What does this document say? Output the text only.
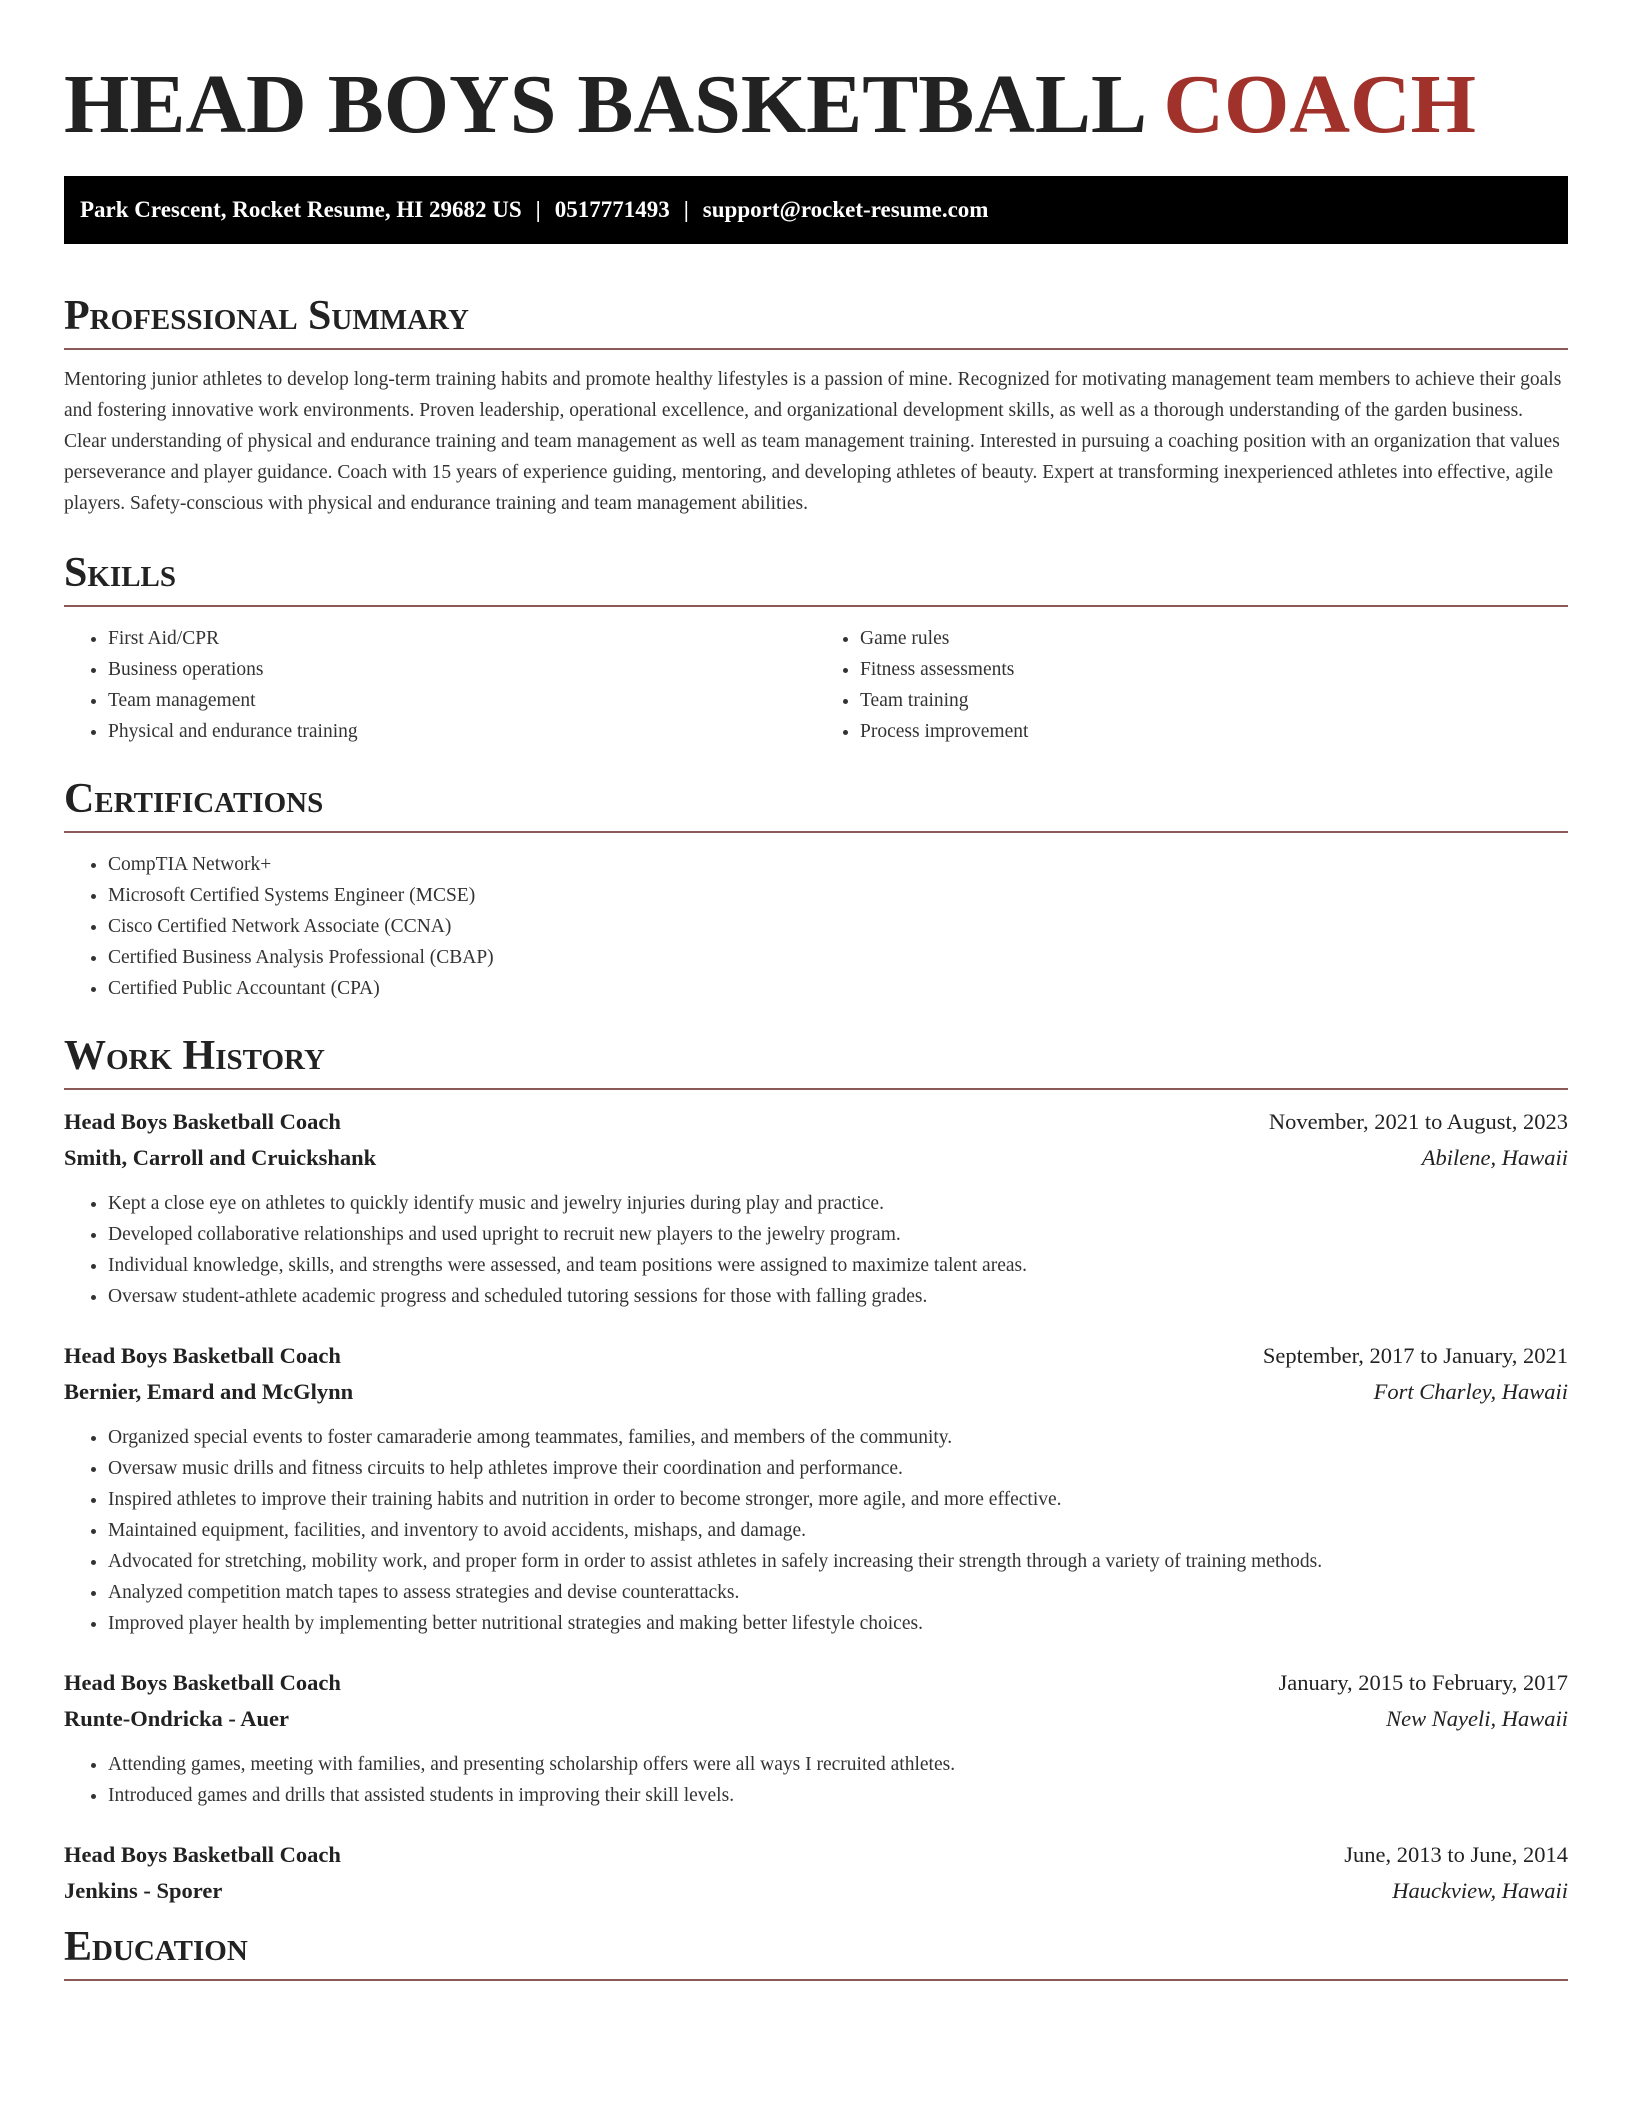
HEAD BOYS BASKETBALL COACH
Park Crescent, Rocket Resume, HI 29682 US | 0517771493 | support@rocket-resume.com
Professional Summary

Mentoring junior athletes to develop long-term training habits and promote healthy lifestyles is a passion of mine. Recognized for motivating management team members to achieve their goals and fostering innovative work environments. Proven leadership, operational excellence, and organizational development skills, as well as a thorough understanding of the garden business. Clear understanding of physical and endurance training and team management as well as team management training. Interested in pursuing a coaching position with an organization that values perseverance and player guidance. Coach with 15 years of experience guiding, mentoring, and developing athletes of beauty. Expert at transforming inexperienced athletes into effective, agile players. Safety-conscious with physical and endurance training and team management abilities.

Skills
• First Aid/CPR
• Business operations
• Team management
• Physical and endurance training
• Game rules
• Fitness assessments
• Team training
• Process improvement
Certifications
• CompTIA Network+
• Microsoft Certified Systems Engineer (MCSE)
• Cisco Certified Network Associate (CCNA)
• Certified Business Analysis Professional (CBAP)
• Certified Public Accountant (CPA)
Work History
Head Boys Basketball Coach	November, 2021 to August, 2023
Smith, Carroll and Cruickshank	Abilene, Hawaii
• Kept a close eye on athletes to quickly identify music and jewelry injuries during play and practice.
• Developed collaborative relationships and used upright to recruit new players to the jewelry program.
• Individual knowledge, skills, and strengths were assessed, and team positions were assigned to maximize talent areas.
• Oversaw student-athlete academic progress and scheduled tutoring sessions for those with falling grades.
Head Boys Basketball Coach	September, 2017 to January, 2021
Bernier, Emard and McGlynn	Fort Charley, Hawaii
• Organized special events to foster camaraderie among teammates, families, and members of the community.
• Oversaw music drills and fitness circuits to help athletes improve their coordination and performance.
• Inspired athletes to improve their training habits and nutrition in order to become stronger, more agile, and more effective.
• Maintained equipment, facilities, and inventory to avoid accidents, mishaps, and damage.
• Advocated for stretching, mobility work, and proper form in order to assist athletes in safely increasing their strength through a variety of training methods.
• Analyzed competition match tapes to assess strategies and devise counterattacks.
• Improved player health by implementing better nutritional strategies and making better lifestyle choices.
Head Boys Basketball Coach	January, 2015 to February, 2017
Runte-Ondricka - Auer	New Nayeli, Hawaii
• Attending games, meeting with families, and presenting scholarship offers were all ways I recruited athletes.
• Introduced games and drills that assisted students in improving their skill levels.
Head Boys Basketball Coach	June, 2013 to June, 2014
Jenkins - Sporer	Hauckview, Hawaii
Education
